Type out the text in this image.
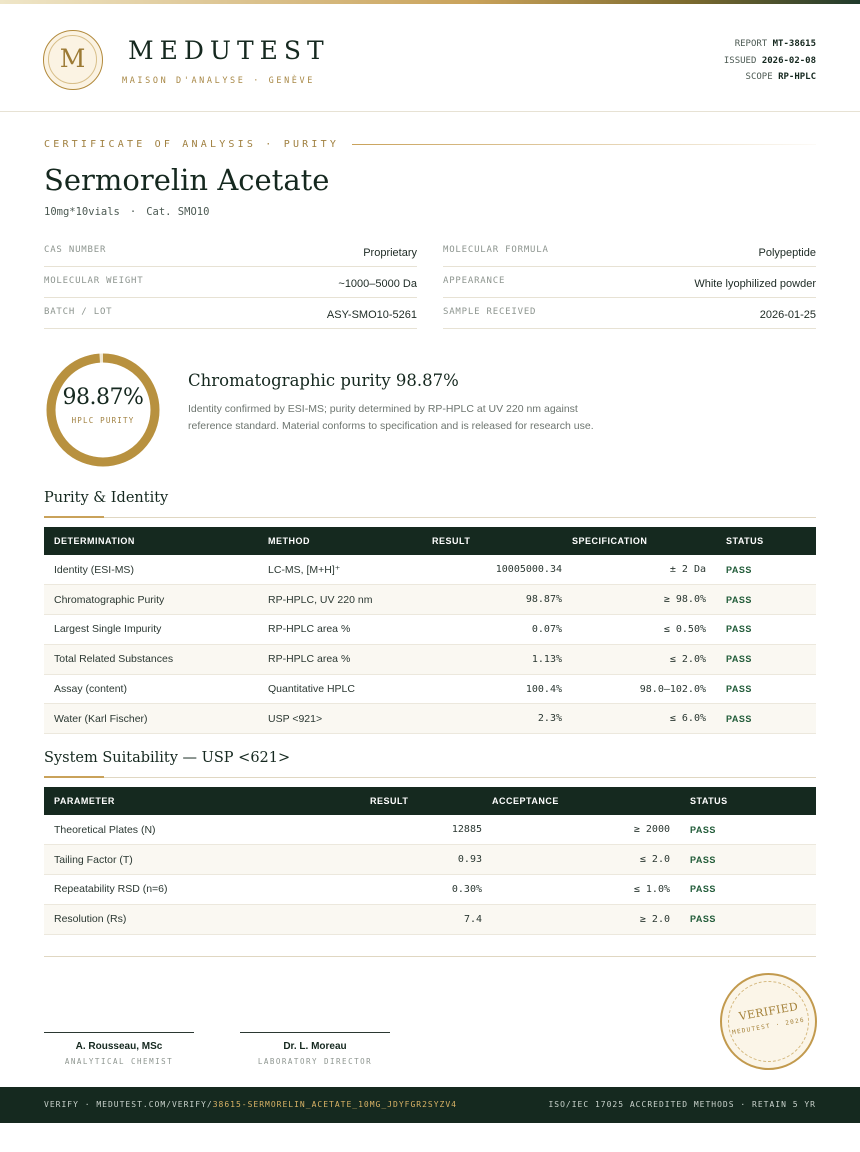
M	MEDUTEST
MAISON D'ANALYSE · GENÈVE
REPORT MT-38615
ISSUED 2026-02-08
SCOPE RP-HPLC
CERTIFICATE OF ANALYSIS · PURITY
Sermorelin Acetate
10mg*10vials · Cat. SMO10
CAS NUMBER	Proprietary
MOLECULAR WEIGHT	~1000–5000 Da
BATCH / LOT	ASY-SMO10-5261
MOLECULAR FORMULA	Polypeptide
APPEARANCE	White lyophilized powder
SAMPLE RECEIVED	2026-01-25
98.87%
HPLC PURITY
Chromatographic purity 98.87%
Identity confirmed by ESI-MS; purity determined by RP-HPLC at UV 220 nm against reference standard. Material conforms to specification and is released for research use.
Purity & Identity
DETERMINATION	METHOD	RESULT	SPECIFICATION	STATUS
Identity (ESI-MS)	LC-MS, [M+H]⁺	10005000.34	± 2 Da	PASS
Chromatographic Purity	RP-HPLC, UV 220 nm	98.87%	≥ 98.0%	PASS
Largest Single Impurity	RP-HPLC area %	0.07%	≤ 0.50%	PASS
Total Related Substances	RP-HPLC area %	1.13%	≤ 2.0%	PASS
Assay (content)	Quantitative HPLC	100.4%	98.0–102.0%	PASS
Water (Karl Fischer)	USP <921>	2.3%	≤ 6.0%	PASS
System Suitability — USP <621>
PARAMETER	RESULT	ACCEPTANCE	STATUS
Theoretical Plates (N)	12885	≥ 2000	PASS
Tailing Factor (T)	0.93	≤ 2.0	PASS
Repeatability RSD (n=6)	0.30%	≤ 1.0%	PASS
Resolution (Rs)	7.4	≥ 2.0	PASS
A. Rousseau, MSc
ANALYTICAL CHEMIST
Dr. L. Moreau
LABORATORY DIRECTOR
VERIFIED
MEDUTEST · 2026
VERIFY · MEDUTEST.COM/VERIFY/38615-SERMORELIN_ACETATE_10MG_JDYFGR2SYZV4	ISO/IEC 17025 ACCREDITED METHODS · RETAIN 5 YR
